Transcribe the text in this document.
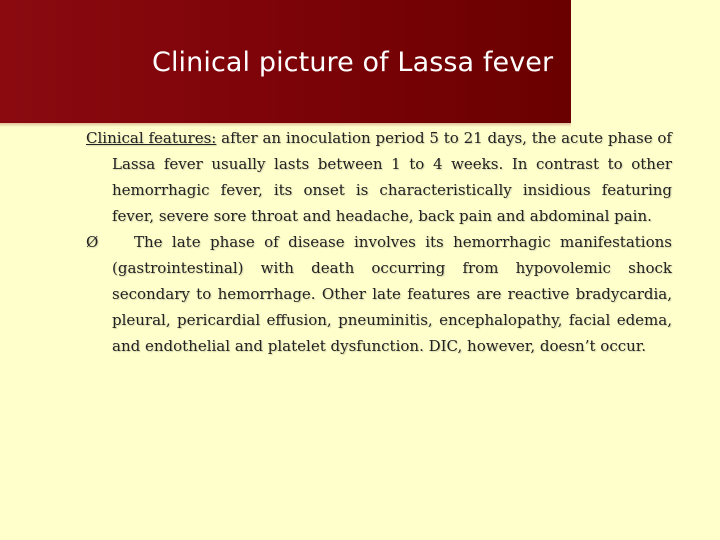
Clinical picture of Lassa fever

Clinical features: after an inoculation period 5 to 21 days, the acute phase of Lassa fever usually lasts between 1 to 4 weeks. In contrast to other hemorrhagic fever, its onset is characteristically insidious featuring fever, severe sore throat and headache, back pain and abdominal pain.

Ø The late phase of disease involves its hemorrhagic manifestations (gastrointestinal) with death occurring from hypovolemic shock secondary to hemorrhage. Other late features are reactive bradycardia, pleural, pericardial effusion, pneuminitis, encephalopathy, facial edema, and endothelial and platelet dysfunction. DIC, however, doesn’t occur.
